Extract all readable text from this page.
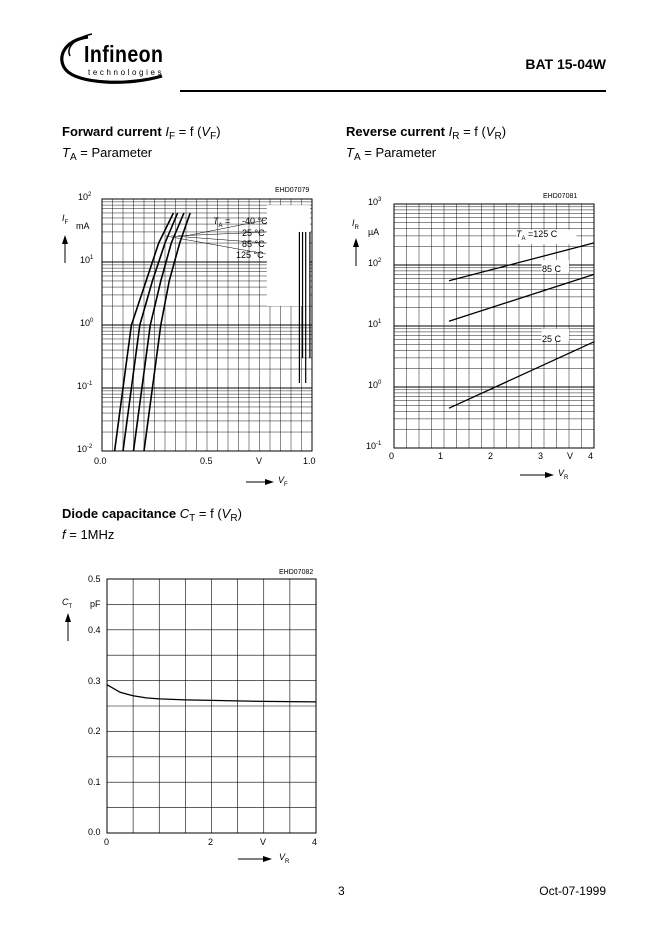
Infineon
technologies
BAT 15-04W
Forward current $I_F = f$ $(V_F)$
$T_A$ = Parameter
EHD07079
$10^2$
$10^1$
$10^0$
$10^{-1}$
$10^{-2}$
$I_F$ mA
0.0	0.5	V	1.0
$V_F$
$T_A = -40$ °C
25 °C
85 °C
125 °C
Reverse current $I_R = f$ $(V_R)$
$T_A$ = Parameter
EHD07081
$10^3$
$10^2$
$10^1$
$10^0$
$10^{-1}$
$I_R$ µA
0	1	2	3	V 4
$V_R$
$T_A =125$ C
85 C
25 C
Diode capacitance $C_T = f$ $(V_R)$
f = 1MHz
EHD07082
0.5
0.4
0.3
0.2
0.1
0.0
$C_T$ pF
0	2	V	4
$V_R$
3	Oct-07-1999
